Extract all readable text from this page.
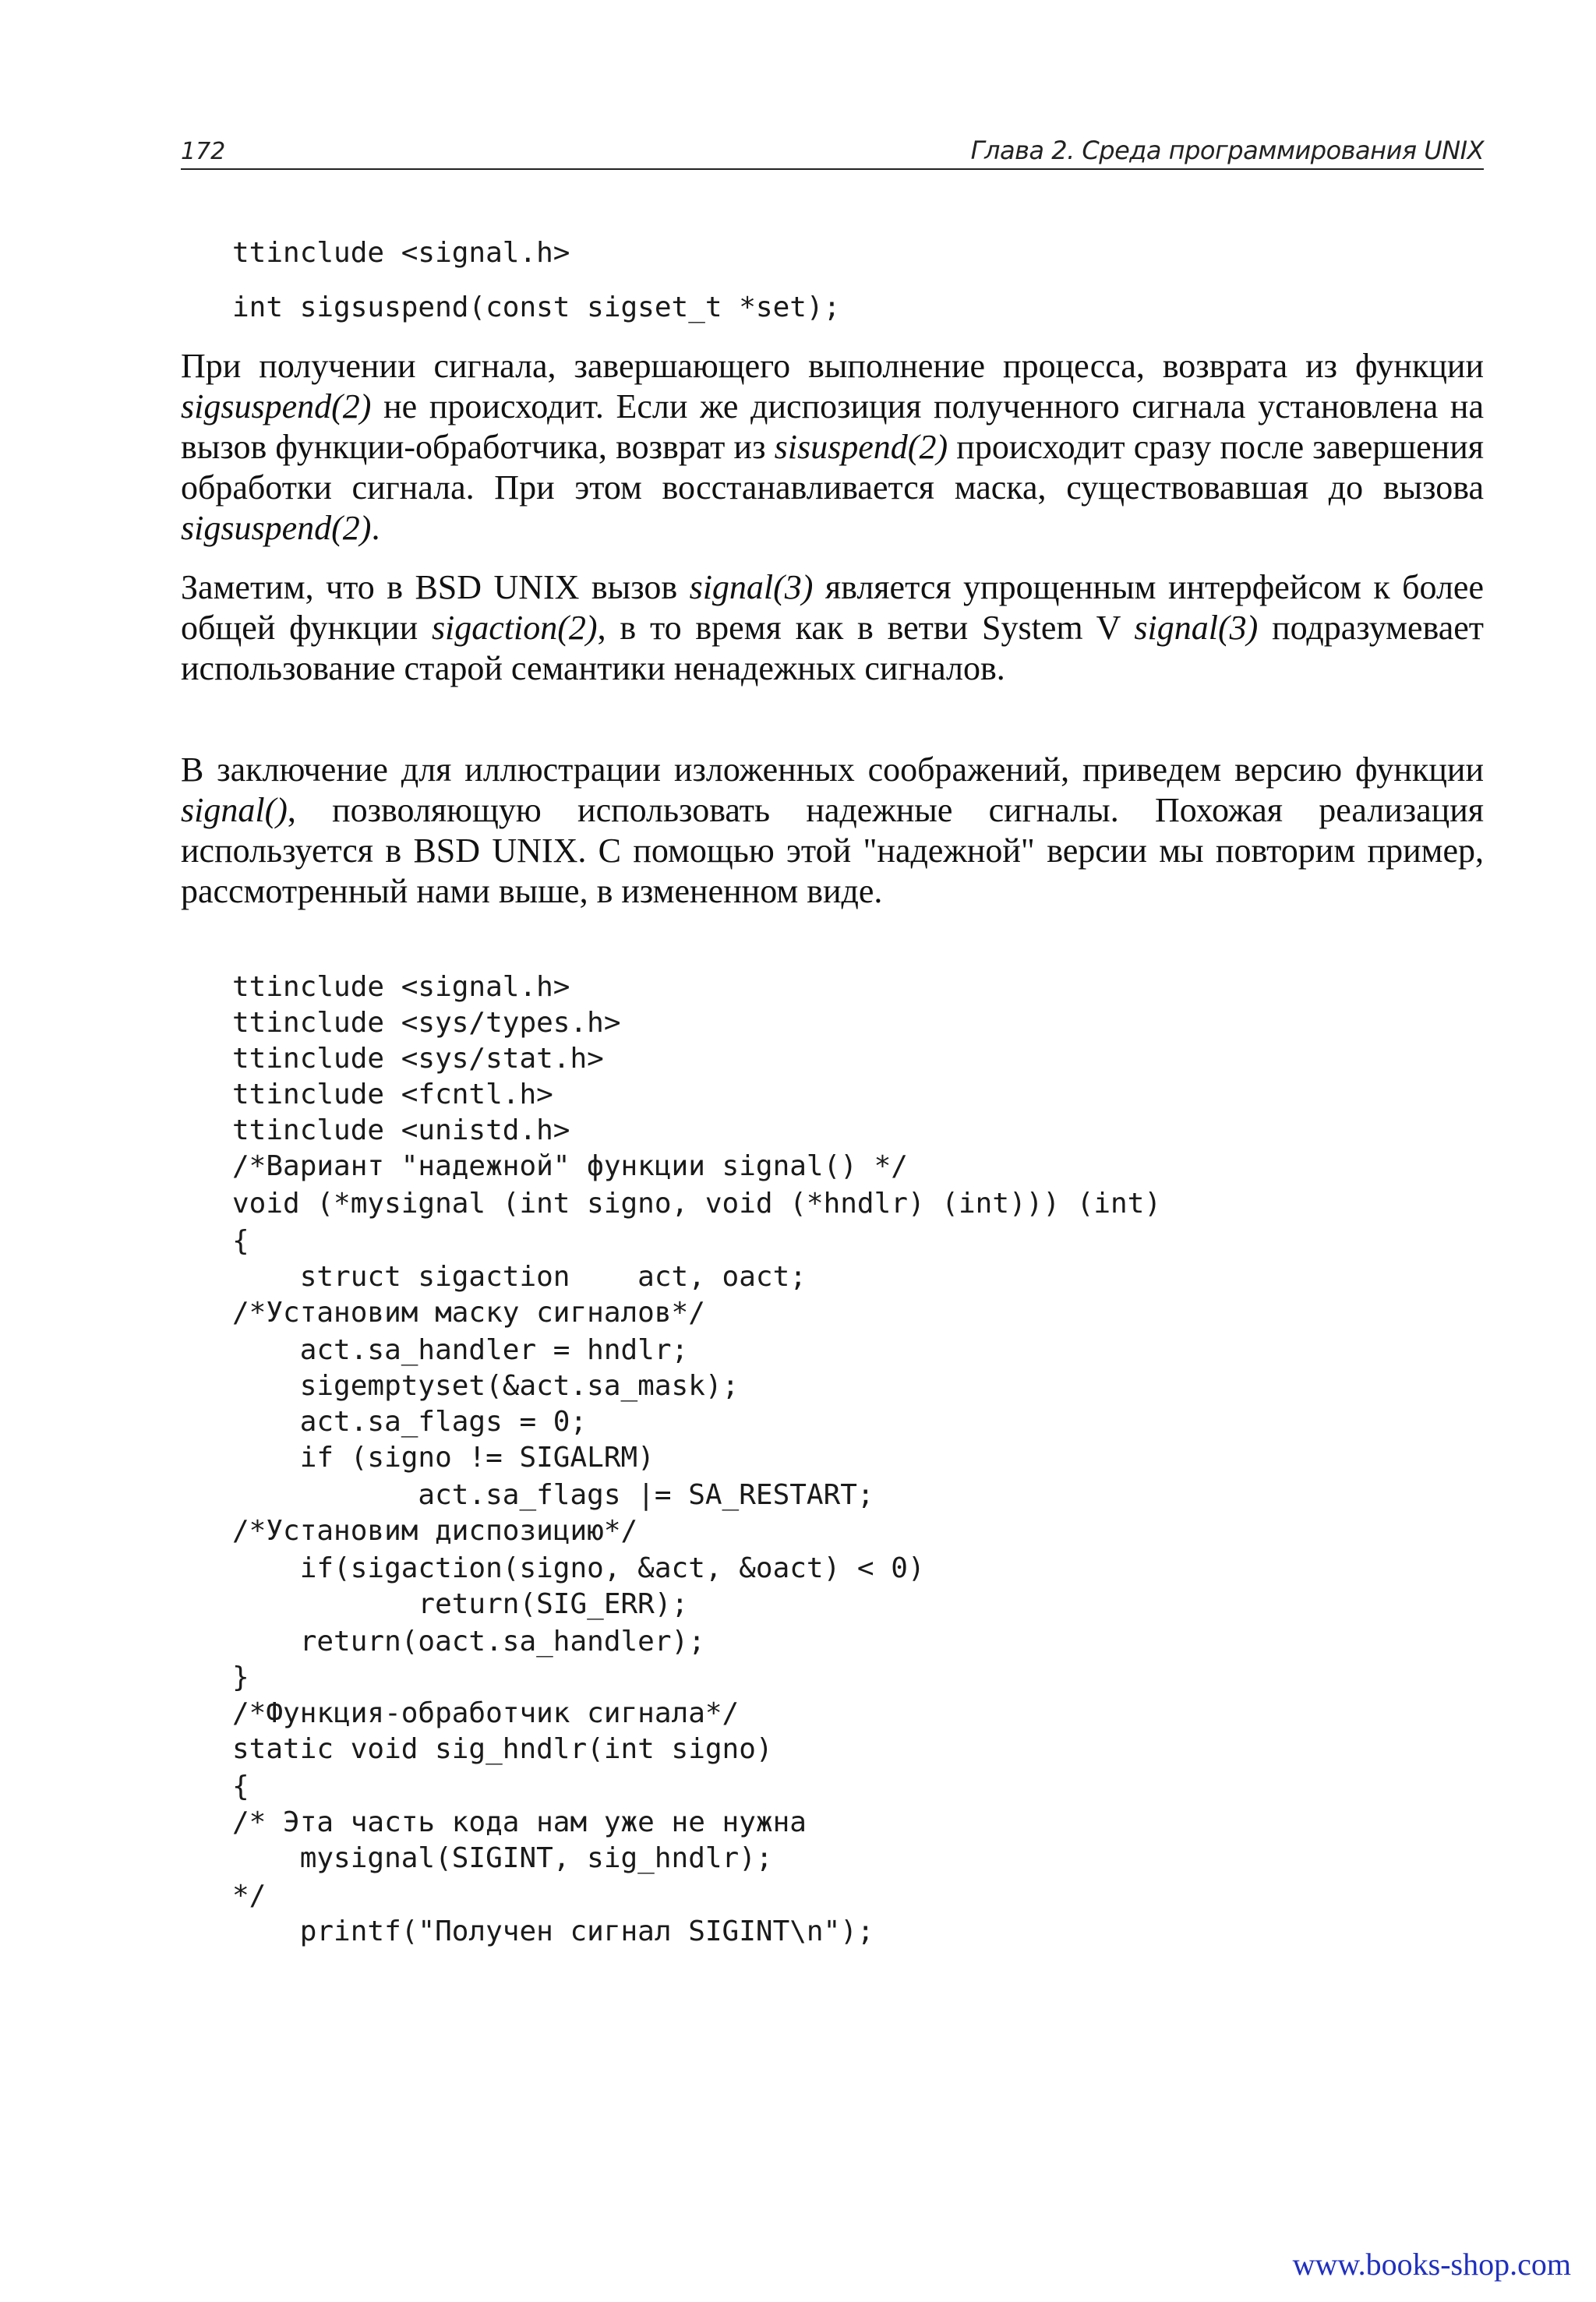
172	Глава 2. Среда программирования UNIX
ttinclude <signal.h>
int sigsuspend(const sigset_t *set);

При получении сигнала, завершающего выполнение процесса, возврата из функции sigsuspend(2) не происходит. Если же диспозиция полученного сигнала установлена на вызов функции-обработчика, возврат из sisuspend(2) происходит сразу после завершения обработки сигнала. При этом восстанавливается маска, существовавшая до вызова sigsuspend(2).

Заметим, что в BSD UNIX вызов signal(3) является упрощенным интерфейсом к более общей функции sigaction(2), в то время как в ветви System V signal(3) подразумевает использование старой семантики ненадежных сигналов.

В заключение для иллюстрации изложенных соображений, приведем версию функции signal(), позволяющую использовать надежные сигналы. Похожая реализация используется в BSD UNIX. С помощью этой "надежной" версии мы повторим пример, рассмотренный нами выше, в измененном виде.

ttinclude <signal.h>
ttinclude <sys/types.h>
ttinclude <sys/stat.h>
ttinclude <fcntl.h>
ttinclude <unistd.h>
/*Вариант "надежной" функции signal() */
void (*mysignal (int signo, void (*hndlr) (int))) (int)
{
struct sigaction    act, oact;
/*Установим маску сигналов*/
act.sa_handler = hndlr;
sigemptyset(&act.sa_mask);
act.sa_flags = 0;
if (signo != SIGALRM)
act.sa_flags |= SA_RESTART;
/*Установим диспозицию*/
if(sigaction(signo, &act, &oact) < 0)
return(SIG_ERR);
return(oact.sa_handler);
}
/*Функция-обработчик сигнала*/
static void sig_hndlr(int signo)
{
/* Эта часть кода нам уже не нужна
mysignal(SIGINT, sig_hndlr);
*/
printf("Получен сигнал SIGINT\n");
www.books-shop.com
